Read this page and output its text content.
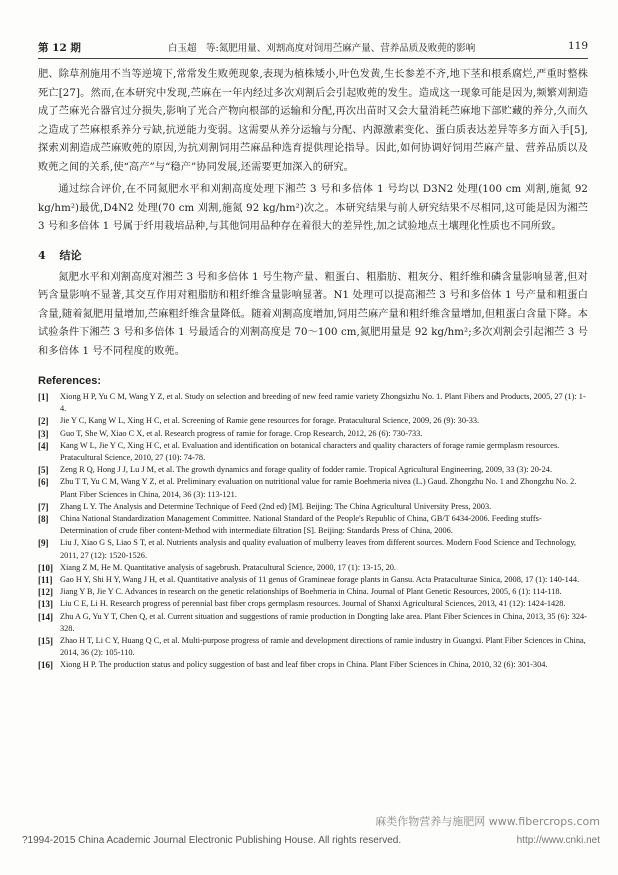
第 12 期	白玉超　等:氮肥用量、刈割高度对饲用苎麻产量、营养品质及败蔸的影响	119

肥、除草剂施用不当等逆境下,常常发生败蔸现象,表现为植株矮小,叶色发黄,生长参差不齐,地下茎和根系腐烂,严重时整株死亡[27]。然而,在本研究中发现,苎麻在一年内经过多次刈割后会引起败蔸的发生。造成这一现象可能是因为,频繁刈割造成了苎麻光合器官过分损失,影响了光合产物向根部的运输和分配,再次出苗时又会大量消耗苎麻地下部贮藏的养分,久而久之造成了苎麻根系养分亏缺,抗逆能力变弱。这需要从养分运输与分配、内源激素变化、蛋白质表达差异等多方面入手[5],探索刈割造成苎麻败蔸的原因,为抗刈割饲用苎麻品种选育提供理论指导。因此,如何协调好饲用苎麻产量、营养品质以及败蔸之间的关系,使“高产”与“稳产”协同发展,还需要更加深入的研究。

通过综合评价,在不同氮肥水平和刈割高度处理下湘苎 3 号和多倍体 1 号均以 D3N2 处理(100 cm 刈割,施氮 92 kg/hm²)最优,D4N2 处理(70 cm 刈割,施氮 92 kg/hm²)次之。本研究结果与前人研究结果不尽相同,这可能是因为湘苎 3 号和多倍体 1 号属于纤用栽培品种,与其他饲用品种存在着很大的差异性,加之试验地点土壤理化性质也不同所致。

4 结论

氮肥水平和刈割高度对湘苎 3 号和多倍体 1 号生物产量、粗蛋白、粗脂肪、粗灰分、粗纤维和磷含量影响显著,但对钙含量影响不显著,其交互作用对粗脂肪和粗纤维含量影响显著。N1 处理可以提高湘苎 3 号和多倍体 1 号产量和粗蛋白含量,随着氮肥用量增加,苎麻粗纤维含量降低。随着刈割高度增加,饲用苎麻产量和粗纤维含量增加,但粗蛋白含量下降。本试验条件下湘苎 3 号和多倍体 1 号最适合的刈割高度是 70～100 cm,氮肥用量是 92 kg/hm²;多次刈割会引起湘苎 3 号和多倍体 1 号不同程度的败蔸。

References:
[1] Xiong H P, Yu C M, Wang Y Z, et al. Study on selection and breeding of new feed ramie variety Zhongsizhu No. 1. Plant Fibers and Products, 2005, 27 (1): 1-4.
[2] Jie Y C, Kang W L, Xing H C, et al. Screening of Ramie gene resources for forage. Pratacultural Science, 2009, 26 (9): 30-33.
[3] Guo T, She W, Xiao C X, et al. Research progress of ramie for forage. Crop Research, 2012, 26 (6): 730-733.
[4] Kang W L, Jie Y C, Xing H C, et al. Evaluation and identification on botanical characters and quality characters of forage ramie germplasm resources. Pratacultural Science, 2010, 27 (10): 74-78.
[5] Zeng R Q, Hong J J, Lu J M, et al. The growth dynamics and forage quality of fodder ramie. Tropical Agricultural Engineering, 2009, 33 (3): 20-24.
[6] Zhu T T, Yu C M, Wang Y Z, et al. Preliminary evaluation on nutritional value for ramie Boehmeria nivea (L.) Gaud. Zhongzhu No. 1 and Zhongzhu No. 2. Plant Fiber Sciences in China, 2014, 36 (3): 113-121.
[7] Zhang L Y. The Analysis and Determine Technique of Feed (2nd ed) [M]. Beijing: The China Agricultural University Press, 2003.
[8] China National Standardization Management Committee. National Standard of the People's Republic of China, GB/T 6434-2006. Feeding stuffs-Determination of crude fiber content-Method with intermediate filtration [S]. Beijing: Standards Press of China, 2006.
[9] Liu J, Xiao G S, Liao S T, et al. Nutrients analysis and quality evaluation of mulberry leaves from different sources. Modern Food Science and Technology, 2011, 27 (12): 1520-1526.
[10] Xiang Z M, He M. Quantitative analysis of sagebrush. Pratacultural Science, 2000, 17 (1): 13-15, 20.
[11] Gao H Y, Shi H Y, Wang J H, et al. Quantitative analysis of 11 genus of Gramineae forage plants in Gansu. Acta Prataculturae Sinica, 2008, 17 (1): 140-144.
[12] Jiang Y B, Jie Y C. Advances in research on the genetic relationships of Boehmeria in China. Journal of Plant Genetic Resources, 2005, 6 (1): 114-118.
[13] Liu C E, Li H. Research progress of perennial bast fiber crops germplasm resources. Journal of Shanxi Agricultural Sciences, 2013, 41 (12): 1424-1428.
[14] Zhu A G, Yu Y T, Chen Q, et al. Current situation and suggestions of ramie production in Dongting lake area. Plant Fiber Sciences in China, 2013, 35 (6): 324-328.
[15] Zhao H T, Li C Y, Huang Q C, et al. Multi-purpose progress of ramie and development directions of ramie industry in Guangxi. Plant Fiber Sciences in China, 2014, 36 (2): 105-110.
[16] Xiong H P. The production status and policy suggestion of bast and leaf fiber crops in China. Plant Fiber Sciences in China, 2010, 32 (6): 301-304.
麻类作物营养与施肥网 www.fibercrops.com
?1994-2015 China Academic Journal Electronic Publishing House. All rights reserved.	http://www.cnki.net
